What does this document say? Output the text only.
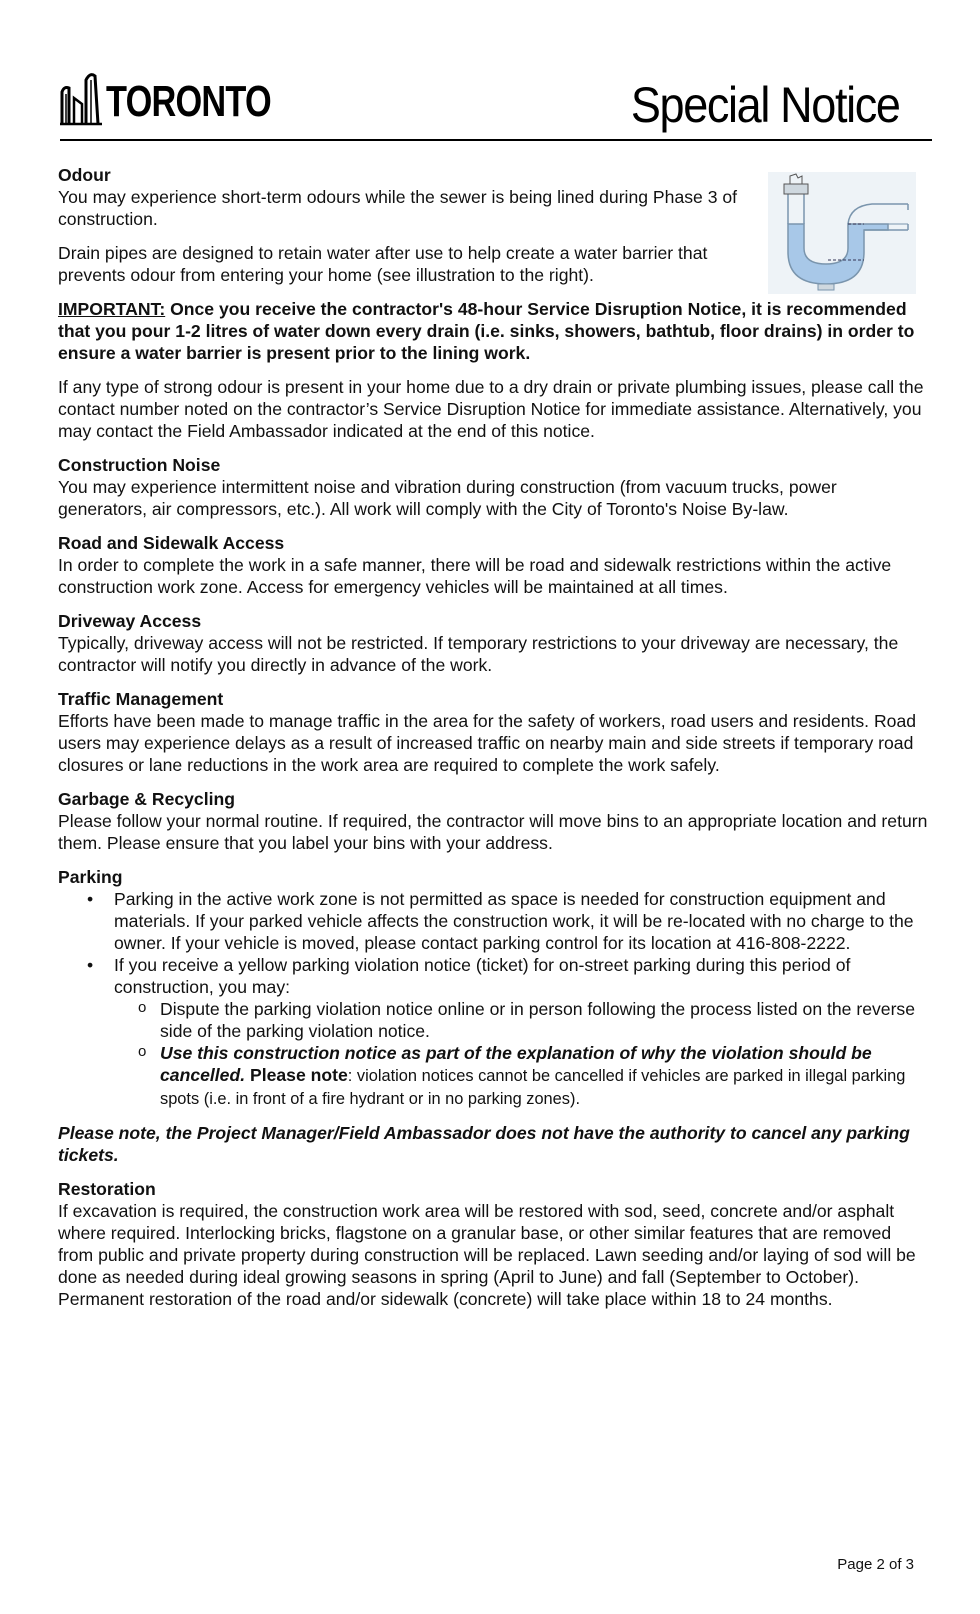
TORONTO	Special Notice

Odour

You may experience short-term odours while the sewer is being lined during Phase 3 of construction.

Drain pipes are designed to retain water after use to help create a water barrier that prevents odour from entering your home (see illustration to the right).

IMPORTANT: Once you receive the contractor's 48-hour Service Disruption Notice, it is recommended that you pour 1-2 litres of water down every drain (i.e. sinks, showers, bathtub, floor drains) in order to ensure a water barrier is present prior to the lining work.

If any type of strong odour is present in your home due to a dry drain or private plumbing issues, please call the contact number noted on the contractor’s Service Disruption Notice for immediate assistance. Alternatively, you may contact the Field Ambassador indicated at the end of this notice.

Construction Noise

You may experience intermittent noise and vibration during construction (from vacuum trucks, power generators, air compressors, etc.). All work will comply with the City of Toronto's Noise By-law.

Road and Sidewalk Access

In order to complete the work in a safe manner, there will be road and sidewalk restrictions within the active construction work zone. Access for emergency vehicles will be maintained at all times.

Driveway Access

Typically, driveway access will not be restricted. If temporary restrictions to your driveway are necessary, the contractor will notify you directly in advance of the work.

Traffic Management

Efforts have been made to manage traffic in the area for the safety of workers, road users and residents. Road users may experience delays as a result of increased traffic on nearby main and side streets if temporary road closures or lane reductions in the work area are required to complete the work safely.

Garbage & Recycling

Please follow your normal routine. If required, the contractor will move bins to an appropriate location and return them. Please ensure that you label your bins with your address.

Parking

• Parking in the active work zone is not permitted as space is needed for construction equipment and materials. If your parked vehicle affects the construction work, it will be re-located with no charge to the owner. If your vehicle is moved, please contact parking control for its location at 416-808-2222.
• If you receive a yellow parking violation notice (ticket) for on-street parking during this period of construction, you may:
o Dispute the parking violation notice online or in person following the process listed on the reverse side of the parking violation notice.
o Use this construction notice as part of the explanation of why the violation should be cancelled. Please note: violation notices cannot be cancelled if vehicles are parked in illegal parking spots (i.e. in front of a fire hydrant or in no parking zones).

Please note, the Project Manager/Field Ambassador does not have the authority to cancel any parking tickets.

Restoration

If excavation is required, the construction work area will be restored with sod, seed, concrete and/or asphalt where required. Interlocking bricks, flagstone on a granular base, or other similar features that are removed from public and private property during construction will be replaced. Lawn seeding and/or laying of sod will be done as needed during ideal growing seasons in spring (April to June) and fall (September to October). Permanent restoration of the road and/or sidewalk (concrete) will take place within 18 to 24 months.

Page 2 of 3
